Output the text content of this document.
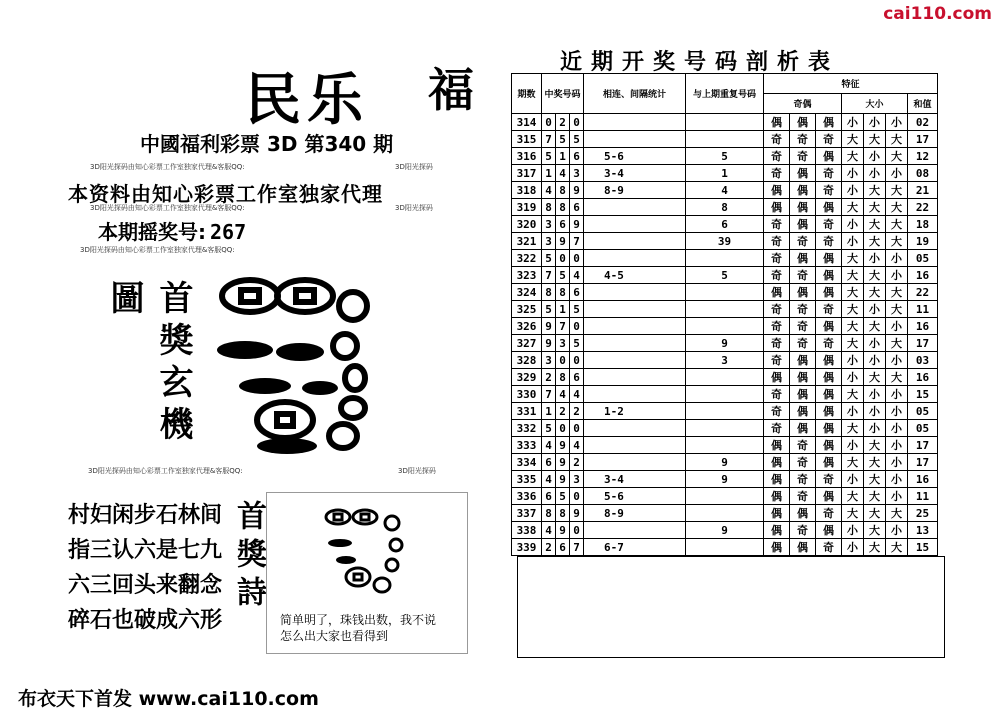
cai110.com
民乐 福
中國福利彩票 3D 第340 期
3D阳光探码由知心彩票工作室独家代理&客服QQ:	3D阳光探码
本资料由知心彩票工作室独家代理
3D阳光探码由知心彩票工作室独家代理&客服QQ:	3D阳光探码
本期摇奖号: 267
3D阳光探码由知心彩票工作室独家代理&客服QQ:
首獎玄機圖
3D阳光探码由知心彩票工作室独家代理&客服QQ:	3D阳光探码
村妇闲步石林间
指三认六是七九
六三回头来翻念
碎石也破成六形
首獎詩
简单明了，珠钱出数，我不说
怎么出大家也看得到
布衣天下首发 www.cai110.com
近期开奖号码剖析表
期数	中奖号码			相连、间隔统计	与上期重复号码	特征						
						奇偶			大小			和值
314	0	2	0			偶	偶	偶	小	小	小	02
315	7	5	5			奇	奇	奇	大	大	大	17
316	5	1	6	5-6	5	奇	奇	偶	大	小	大	12
317	1	4	3	3-4	1	奇	偶	奇	小	小	小	08
318	4	8	9	8-9	4	偶	偶	奇	小	大	大	21
319	8	8	6		8	偶	偶	偶	大	大	大	22
320	3	6	9		6	奇	偶	奇	小	大	大	18
321	3	9	7		39	奇	奇	奇	小	大	大	19
322	5	0	0			奇	偶	偶	大	小	小	05
323	7	5	4	4-5	5	奇	奇	偶	大	大	小	16
324	8	8	6			偶	偶	偶	大	大	大	22
325	5	1	5			奇	奇	奇	大	小	大	11
326	9	7	0			奇	奇	偶	大	大	小	16
327	9	3	5		9	奇	奇	奇	大	小	大	17
328	3	0	0		3	奇	偶	偶	小	小	小	03
329	2	8	6			偶	偶	偶	小	大	大	16
330	7	4	4			奇	偶	偶	大	小	小	15
331	1	2	2	1-2		奇	偶	偶	小	小	小	05
332	5	0	0			奇	偶	偶	大	小	小	05
333	4	9	4			偶	奇	偶	小	大	小	17
334	6	9	2		9	偶	奇	偶	大	大	小	17
335	4	9	3	3-4	9	偶	奇	奇	小	大	小	16
336	6	5	0	5-6		偶	奇	偶	大	大	小	11
337	8	8	9	8-9		偶	偶	奇	大	大	大	25
338	4	9	0		9	偶	奇	偶	小	大	小	13
339	2	6	7	6-7		偶	偶	奇	小	大	大	15
